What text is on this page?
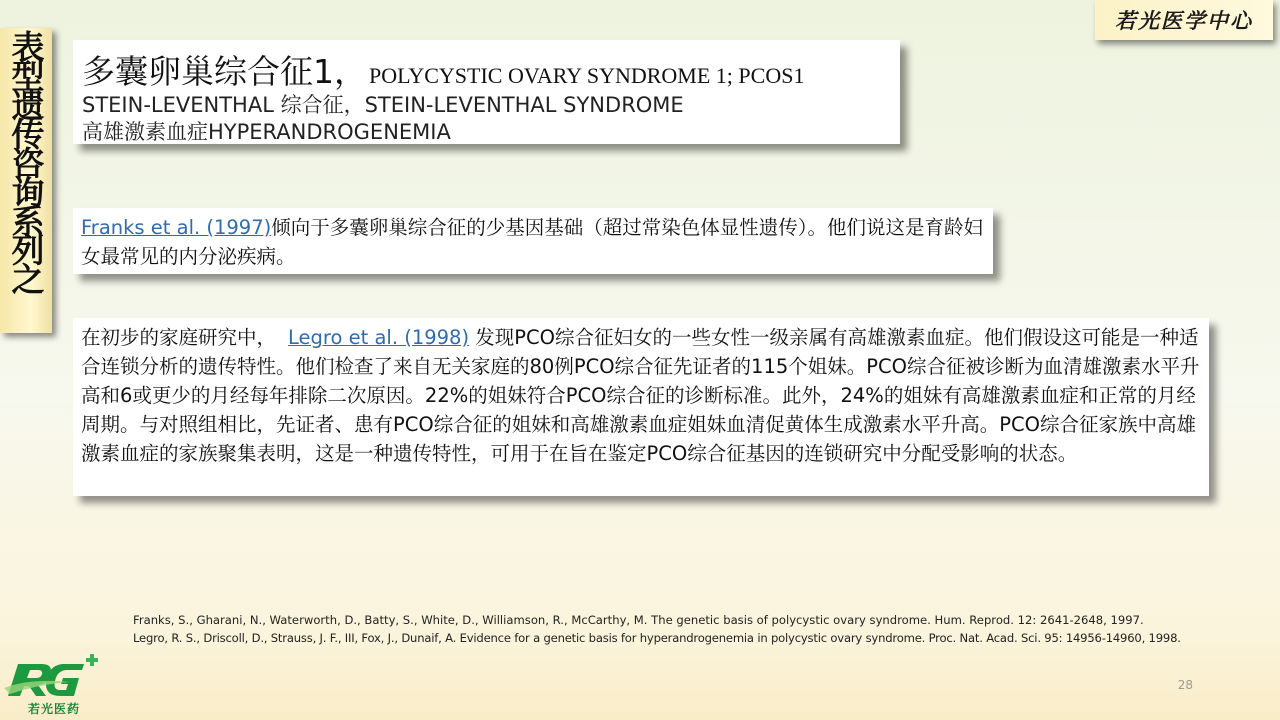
表型遗传咨询系列之
若光医学中心
多囊卵巢综合征1，POLYCYSTIC OVARY SYNDROME 1; PCOS1
STEIN-LEVENTHAL 综合征，STEIN-LEVENTHAL SYNDROME
高雄激素血症HYPERANDROGENEMIA
Franks et al. (1997)倾向于多囊卵巢综合征的少基因基础（超过常染色体显性遗传）。他们说这是育龄妇女最常见的内分泌疾病。
在初步的家庭研究中， Legro et al. (1998) 发现PCO综合征妇女的一些女性一级亲属有高雄激素血症。他们假设这可能是一种适合连锁分析的遗传特性。他们检查了来自无关家庭的80例PCO综合征先证者的115个姐妹。PCO综合征被诊断为血清雄激素水平升高和6或更少的月经每年排除二次原因。22%的姐妹符合PCO综合征的诊断标准。此外，24%的姐妹有高雄激素血症和正常的月经周期。与对照组相比，先证者、患有PCO综合征的姐妹和高雄激素血症姐妹血清促黄体生成激素水平升高。PCO综合征家族中高雄激素血症的家族聚集表明，这是一种遗传特性，可用于在旨在鉴定PCO综合征基因的连锁研究中分配受影响的状态。
Franks, S., Gharani, N., Waterworth, D., Batty, S., White, D., Williamson, R., McCarthy, M. The genetic basis of polycystic ovary syndrome. Hum. Reprod. 12: 2641-2648, 1997.
Legro, R. S., Driscoll, D., Strauss, J. F., III, Fox, J., Dunaif, A. Evidence for a genetic basis for hyperandrogenemia in polycystic ovary syndrome. Proc. Nat. Acad. Sci. 95: 14956-14960, 1998.
28
若光医药
